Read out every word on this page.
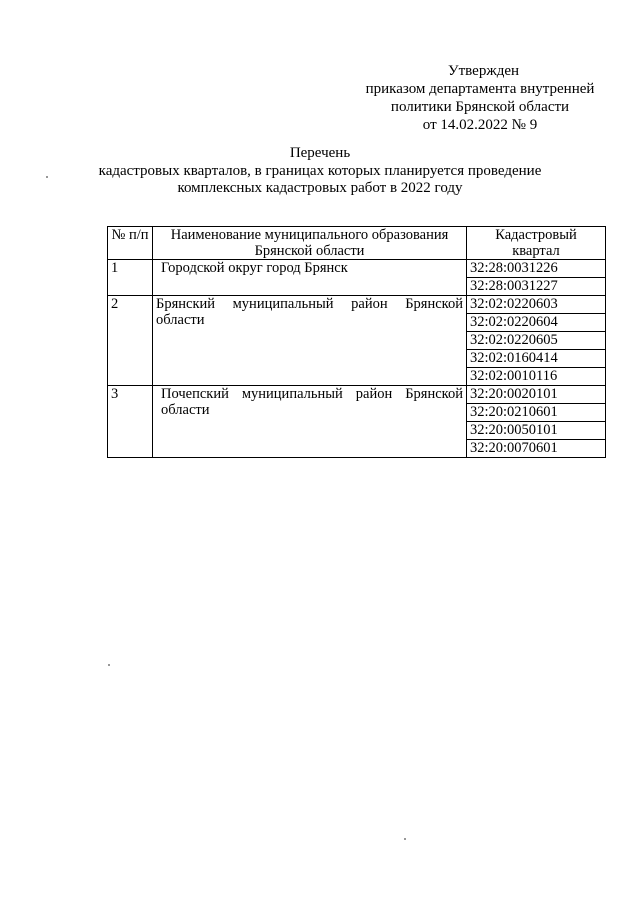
Утвержден
приказом департамента внутренней
политики Брянской области
от 14.02.2022 № 9
Перечень
кадастровых кварталов, в границах которых планируется проведение
комплексных кадастровых работ в 2022 году
№ п/п	Наименование муниципального образования Брянской области	Кадастровый квартал
1	Городской округ город Брянск	32:28:0031226
		32:28:0031227
2	Брянский муниципальный район Брянской области	32:02:0220603
		32:02:0220604
		32:02:0220605
		32:02:0160414
		32:02:0010116
3	Почепский муниципальный район Брянской области	32:20:0020101
		32:20:0210601
		32:20:0050101
		32:20:0070601
